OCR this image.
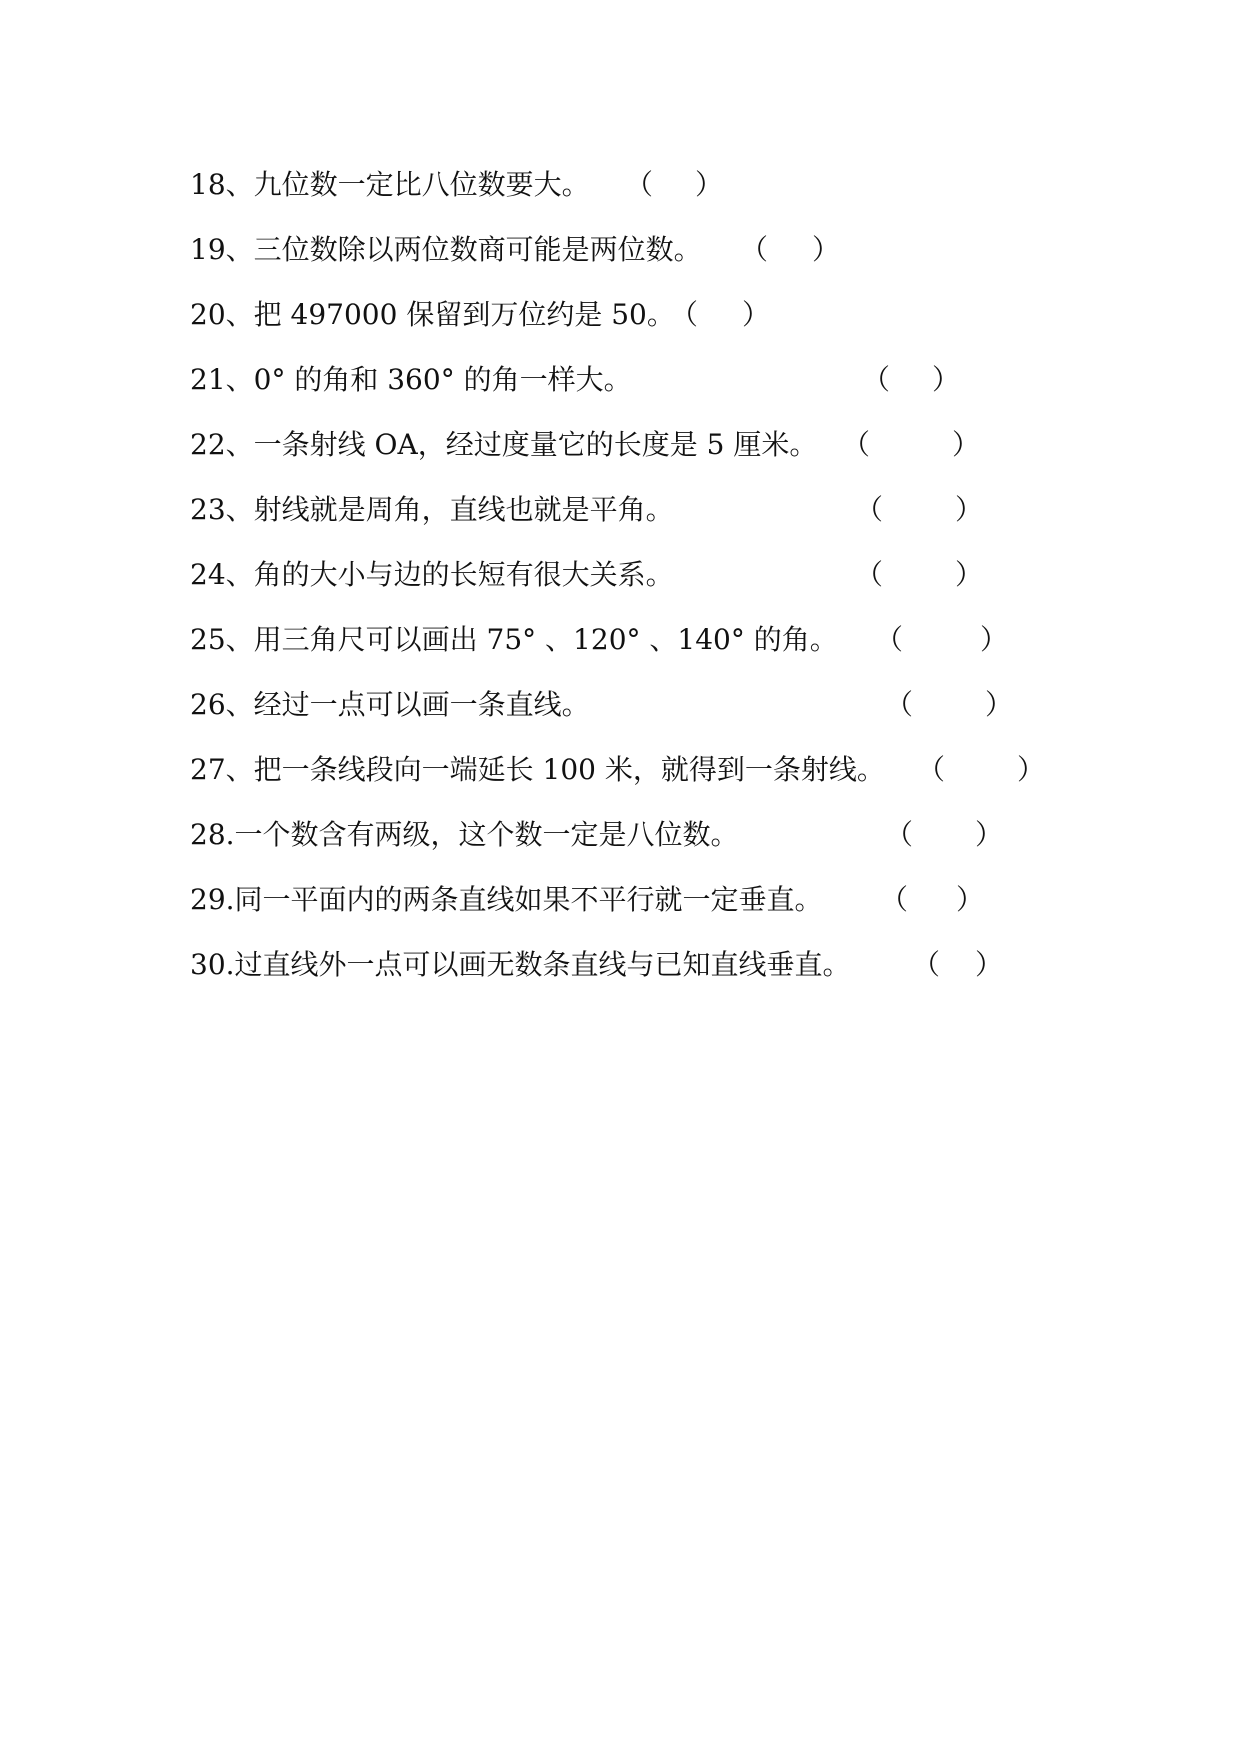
18、九位数一定比八位数要大。 （ ）
19、三位数除以两位数商可能是两位数。 （ ）
20、把 497000 保留到万位约是 50。
（ ）
21、0° 的角和 360° 的角一样大。	（ ）
22、一条射线 OA，经过度量它的长度是 5 厘米。 （	）
23、射线就是周角，直线也就是平角。	（	）
24、角的大小与边的长短有很大关系。	（	）
25、用三角尺可以画出 75° 、120° 、140° 的角。 （	）
26、经过一点可以画一条直线。	（	）
27、把一条线段向一端延长 100 米，就得到一条射线。 （	）
28.一个数含有两级，这个数一定是八位数。	（ ）
29.同一平面内的两条直线如果不平行就一定垂直。 （ ）
30.过直线外一点可以画无数条直线与已知直线垂直。 （ ）
